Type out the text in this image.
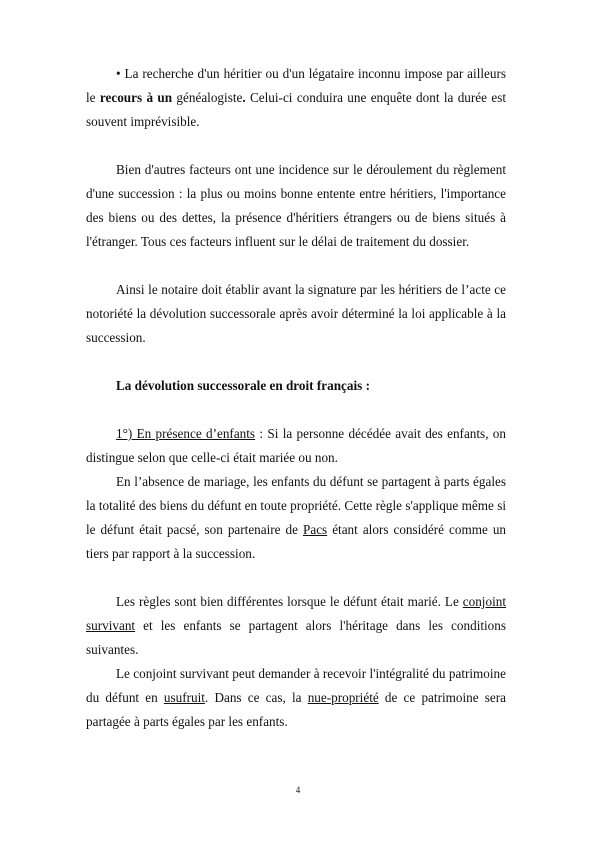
• La recherche d'un héritier ou d'un légataire inconnu impose par ailleurs le recours à un généalogiste. Celui-ci conduira une enquête dont la durée est souvent imprévisible.

Bien d'autres facteurs ont une incidence sur le déroulement du règlement d'une succession : la plus ou moins bonne entente entre héritiers, l'importance des biens ou des dettes, la présence d'héritiers étrangers ou de biens situés à l'étranger. Tous ces facteurs influent sur le délai de traitement du dossier.

Ainsi le notaire doit établir avant la signature par les héritiers de l’acte ce notoriété la dévolution successorale après avoir déterminé la loi applicable à la succession.

La dévolution successorale en droit français :

1°) En présence d’enfants : Si la personne décédée avait des enfants, on distingue selon que celle-ci était mariée ou non.

En l’absence de mariage, les enfants du défunt se partagent à parts égales la totalité des biens du défunt en toute propriété. Cette règle s'applique même si le défunt était pacsé, son partenaire de Pacs étant alors considéré comme un tiers par rapport à la succession.

Les règles sont bien différentes lorsque le défunt était marié. Le conjoint survivant et les enfants se partagent alors l'héritage dans les conditions suivantes.

Le conjoint survivant peut demander à recevoir l'intégralité du patrimoine du défunt en usufruit. Dans ce cas, la nue-propriété de ce patrimoine sera partagée à parts égales par les enfants.

4
